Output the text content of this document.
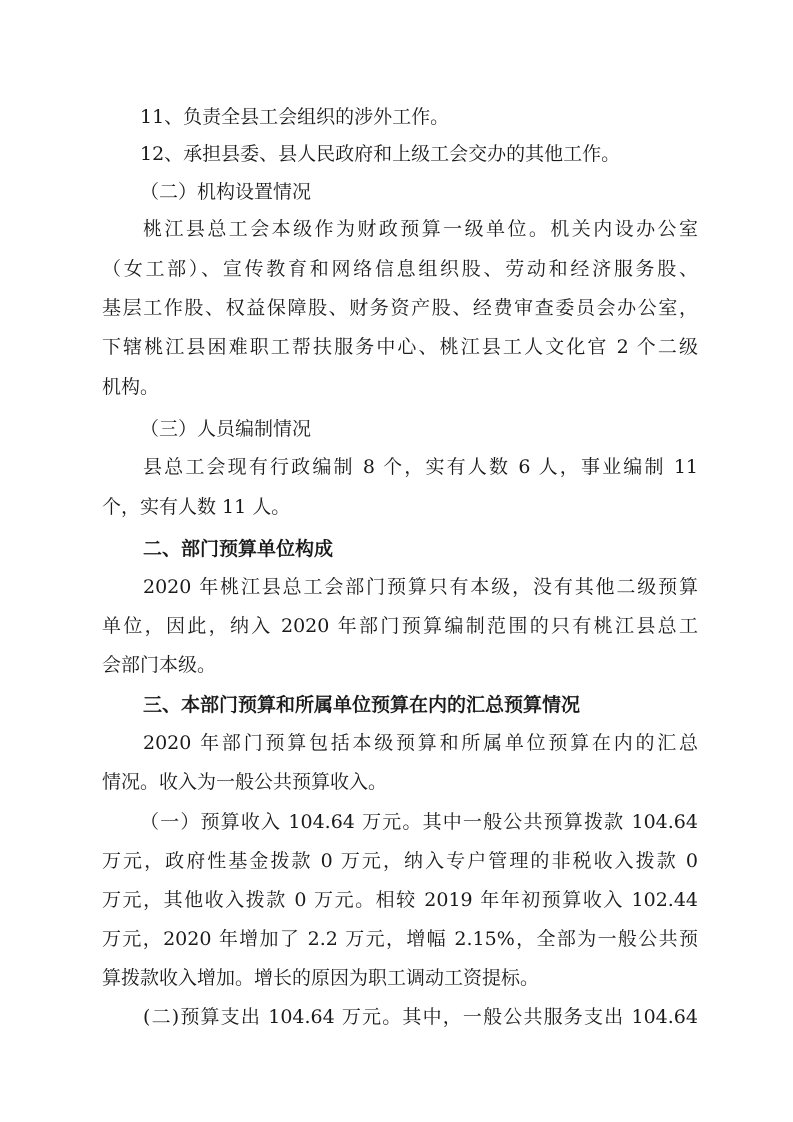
11、负责全县工会组织的涉外工作。
12、承担县委、县人民政府和上级工会交办的其他工作。
（二）机构设置情况
桃江县总工会本级作为财政预算一级单位。机关内设办公室
（女工部）、宣传教育和网络信息组织股、劳动和经济服务股、
基层工作股、权益保障股、财务资产股、经费审查委员会办公室，
下辖桃江县困难职工帮扶服务中心、桃江县工人文化官 2 个二级
机构。
（三）人员编制情况
县总工会现有行政编制 8 个，实有人数 6 人，事业编制 11
个，实有人数 11 人。
二、部门预算单位构成
2020 年桃江县总工会部门预算只有本级，没有其他二级预算
单位，因此，纳入 2020 年部门预算编制范围的只有桃江县总工
会部门本级。
三、本部门预算和所属单位预算在内的汇总预算情况
2020 年部门预算包括本级预算和所属单位预算在内的汇总
情况。收入为一般公共预算收入。
（一）预算收入 104.64 万元。其中一般公共预算拨款 104.64
万元，政府性基金拨款 0 万元，纳入专户管理的非税收入拨款 0
万元，其他收入拨款 0 万元。相较 2019 年年初预算收入 102.44
万元，2020 年增加了 2.2 万元，增幅 2.15%，全部为一般公共预
算拨款收入增加。增长的原因为职工调动工资提标。
(二)预算支出 104.64 万元。其中，一般公共服务支出 104.64
